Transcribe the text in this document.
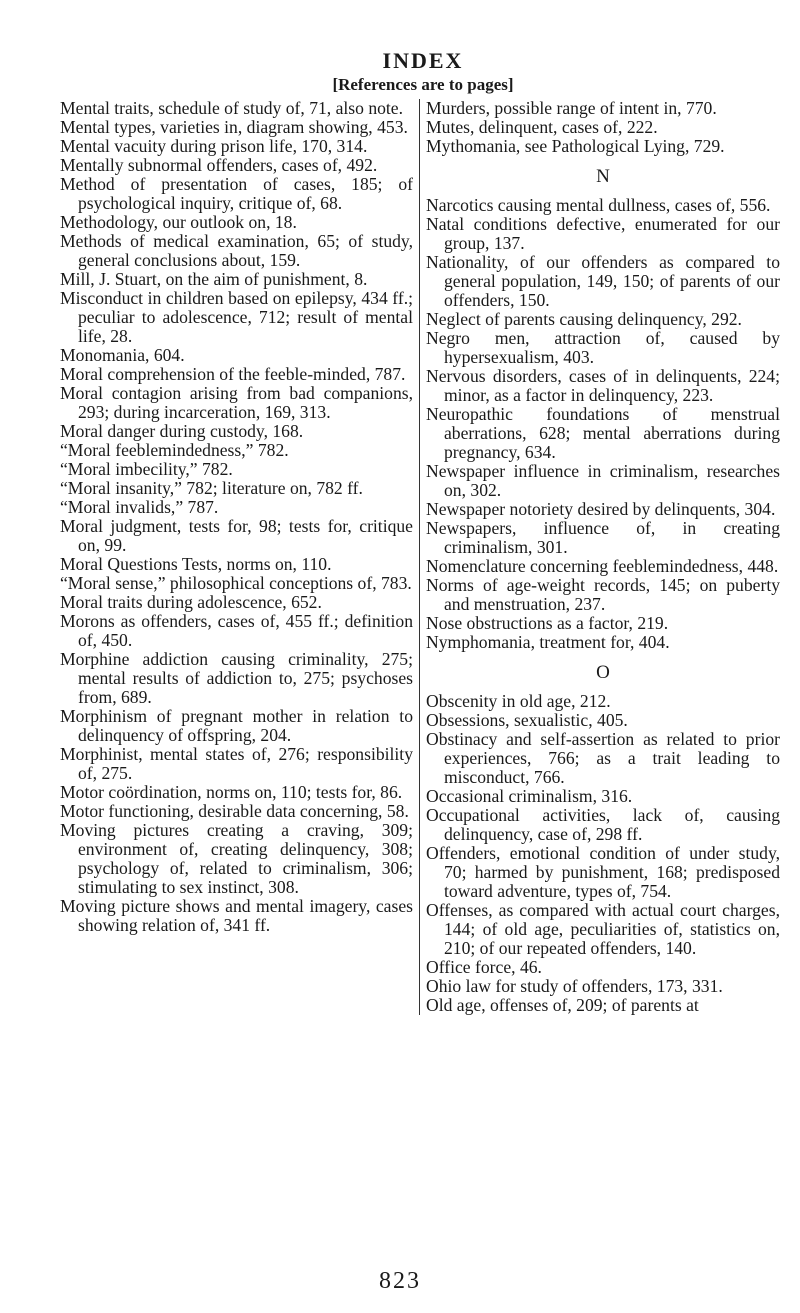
INDEX
[References are to pages]

Mental traits, schedule of study of, 71, also note.

Mental types, varieties in, diagram showing, 453.

Mental vacuity during prison life, 170, 314.

Mentally subnormal offenders, cases of, 492.

Method of presentation of cases, 185; of psychological inquiry, critique of, 68.

Methodology, our outlook on, 18.

Methods of medical examination, 65; of study, general conclusions about, 159.

Mill, J. Stuart, on the aim of punishment, 8.

Misconduct in children based on epilepsy, 434 ff.; peculiar to adolescence, 712; result of mental life, 28.

Monomania, 604.

Moral comprehension of the feeble-minded, 787.

Moral contagion arising from bad companions, 293; during incarceration, 169, 313.

Moral danger during custody, 168.

“Moral feeblemindedness,” 782.

“Moral imbecility,” 782.

“Moral insanity,” 782; literature on, 782 ff.

“Moral invalids,” 787.

Moral judgment, tests for, 98; tests for, critique on, 99.

Moral Questions Tests, norms on, 110.

“Moral sense,” philosophical conceptions of, 783.

Moral traits during adolescence, 652.

Morons as offenders, cases of, 455 ff.; definition of, 450.

Morphine addiction causing criminality, 275; mental results of addiction to, 275; psychoses from, 689.

Morphinism of pregnant mother in relation to delinquency of offspring, 204.

Morphinist, mental states of, 276; responsibility of, 275.

Motor coördination, norms on, 110; tests for, 86.

Motor functioning, desirable data concerning, 58.

Moving pictures creating a craving, 309; environment of, creating delinquency, 308; psychology of, related to criminalism, 306; stimulating to sex instinct, 308.

Moving picture shows and mental imagery, cases showing relation of, 341 ff.

Murders, possible range of intent in, 770.

Mutes, delinquent, cases of, 222.

Mythomania, see Pathological Lying, 729.

N

Narcotics causing mental dullness, cases of, 556.

Natal conditions defective, enumerated for our group, 137.

Nationality, of our offenders as compared to general population, 149, 150; of parents of our offenders, 150.

Neglect of parents causing delinquency, 292.

Negro men, attraction of, caused by hypersexualism, 403.

Nervous disorders, cases of in delinquents, 224; minor, as a factor in delinquency, 223.

Neuropathic foundations of menstrual aberrations, 628; mental aberrations during pregnancy, 634.

Newspaper influence in criminalism, researches on, 302.

Newspaper notoriety desired by delinquents, 304.

Newspapers, influence of, in creating criminalism, 301.

Nomenclature concerning feeblemindedness, 448.

Norms of age-weight records, 145; on puberty and menstruation, 237.

Nose obstructions as a factor, 219.

Nymphomania, treatment for, 404.

O

Obscenity in old age, 212.

Obsessions, sexualistic, 405.

Obstinacy and self-assertion as related to prior experiences, 766; as a trait leading to misconduct, 766.

Occasional criminalism, 316.

Occupational activities, lack of, causing delinquency, case of, 298 ff.

Offenders, emotional condition of under study, 70; harmed by punishment, 168; predisposed toward adventure, types of, 754.

Offenses, as compared with actual court charges, 144; of old age, peculiarities of, statistics on, 210; of our repeated offenders, 140.

Office force, 46.

Ohio law for study of offenders, 173, 331.

Old age, offenses of, 209; of parents at

823
